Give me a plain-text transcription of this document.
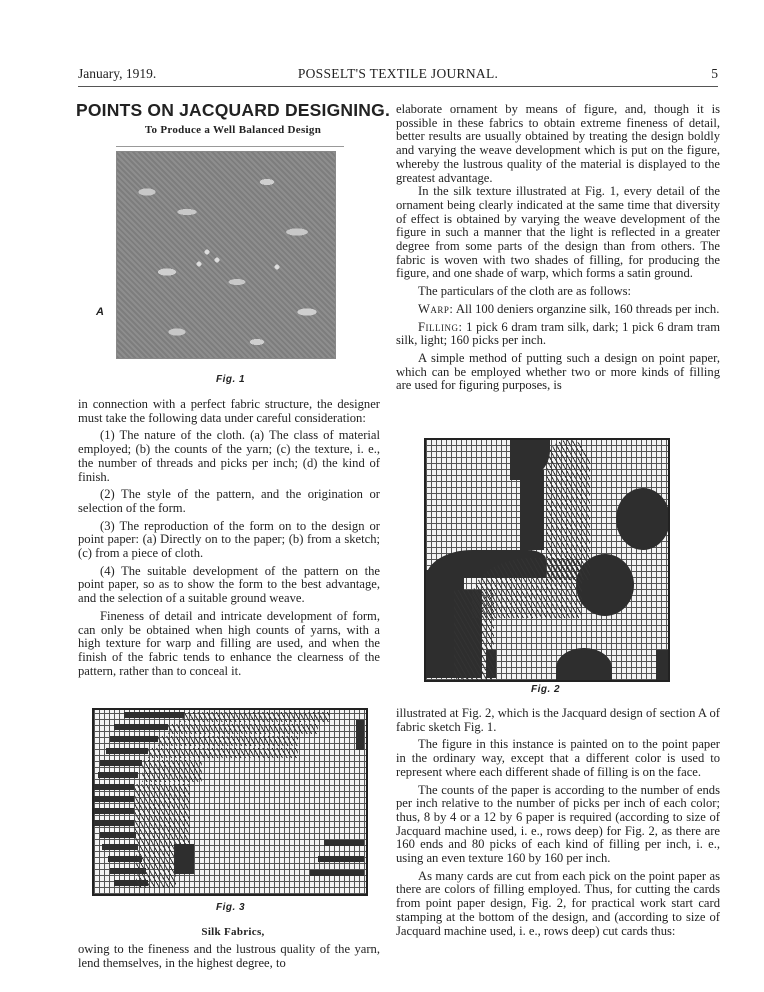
January, 1919.	POSSELT'S TEXTILE JOURNAL.	5
POINTS ON JACQUARD DESIGNING.
To Produce a Well Balanced Design
A
Fig. 1

in connection with a perfect fabric structure, the designer must take the following data under careful consideration:

(1) The nature of the cloth. (a) The class of material employed; (b) the counts of the yarn; (c) the texture, i. e., the number of threads and picks per inch; (d) the kind of finish.

(2) The style of the pattern, and the origination or selection of the form.

(3) The reproduction of the form on to the design or point paper: (a) Directly on to the paper; (b) from a sketch; (c) from a piece of cloth.

(4) The suitable development of the pattern on the point paper, so as to show the form to the best advantage, and the selection of a suitable ground weave.

Fineness of detail and intricate development of form, can only be obtained when high counts of yarns, with a high texture for warp and filling are used, and when the finish of the fabric tends to enhance the clearness of the pattern, rather than to conceal it.

Fig. 3
Silk Fabrics,

owing to the fineness and the lustrous quality of the yarn, lend themselves, in the highest degree, to

elaborate ornament by means of figure, and, though it is possible in these fabrics to obtain extreme fineness of detail, better results are usually obtained by treating the design boldly and varying the weave development which is put on the figure, whereby the lustrous quality of the material is displayed to the greatest advantage.

In the silk texture illustrated at Fig. 1, every detail of the ornament being clearly indicated at the same time that diversity of effect is obtained by varying the weave development of the figure in such a manner that the light is reflected in a greater degree from some parts of the design than from others. The fabric is woven with two shades of filling, for producing the figure, and one shade of warp, which forms a satin ground.

The particulars of the cloth are as follows:

Warp: All 100 deniers organzine silk, 160 threads per inch.

Filling: 1 pick 6 dram tram silk, dark; 1 pick 6 dram tram silk, light; 160 picks per inch.

A simple method of putting such a design on point paper, which can be employed whether two or more kinds of filling are used for figuring purposes, is

Fig. 2

illustrated at Fig. 2, which is the Jacquard design of section A of fabric sketch Fig. 1.

The figure in this instance is painted on to the point paper in the ordinary way, except that a different color is used to represent where each different shade of filling is on the face.

The counts of the paper is according to the number of ends per inch relative to the number of picks per inch of each color; thus, 8 by 4 or a 12 by 6 paper is required (according to size of Jacquard machine used, i. e., rows deep) for Fig. 2, as there are 160 ends and 80 picks of each kind of filling per inch, i. e., using an even texture 160 by 160 per inch.

As many cards are cut from each pick on the point paper as there are colors of filling employed. Thus, for cutting the cards from point paper design, Fig. 2, for practical work start card stamping at the bottom of the design, and (according to size of Jacquard machine used, i. e., rows deep) cut cards thus:
